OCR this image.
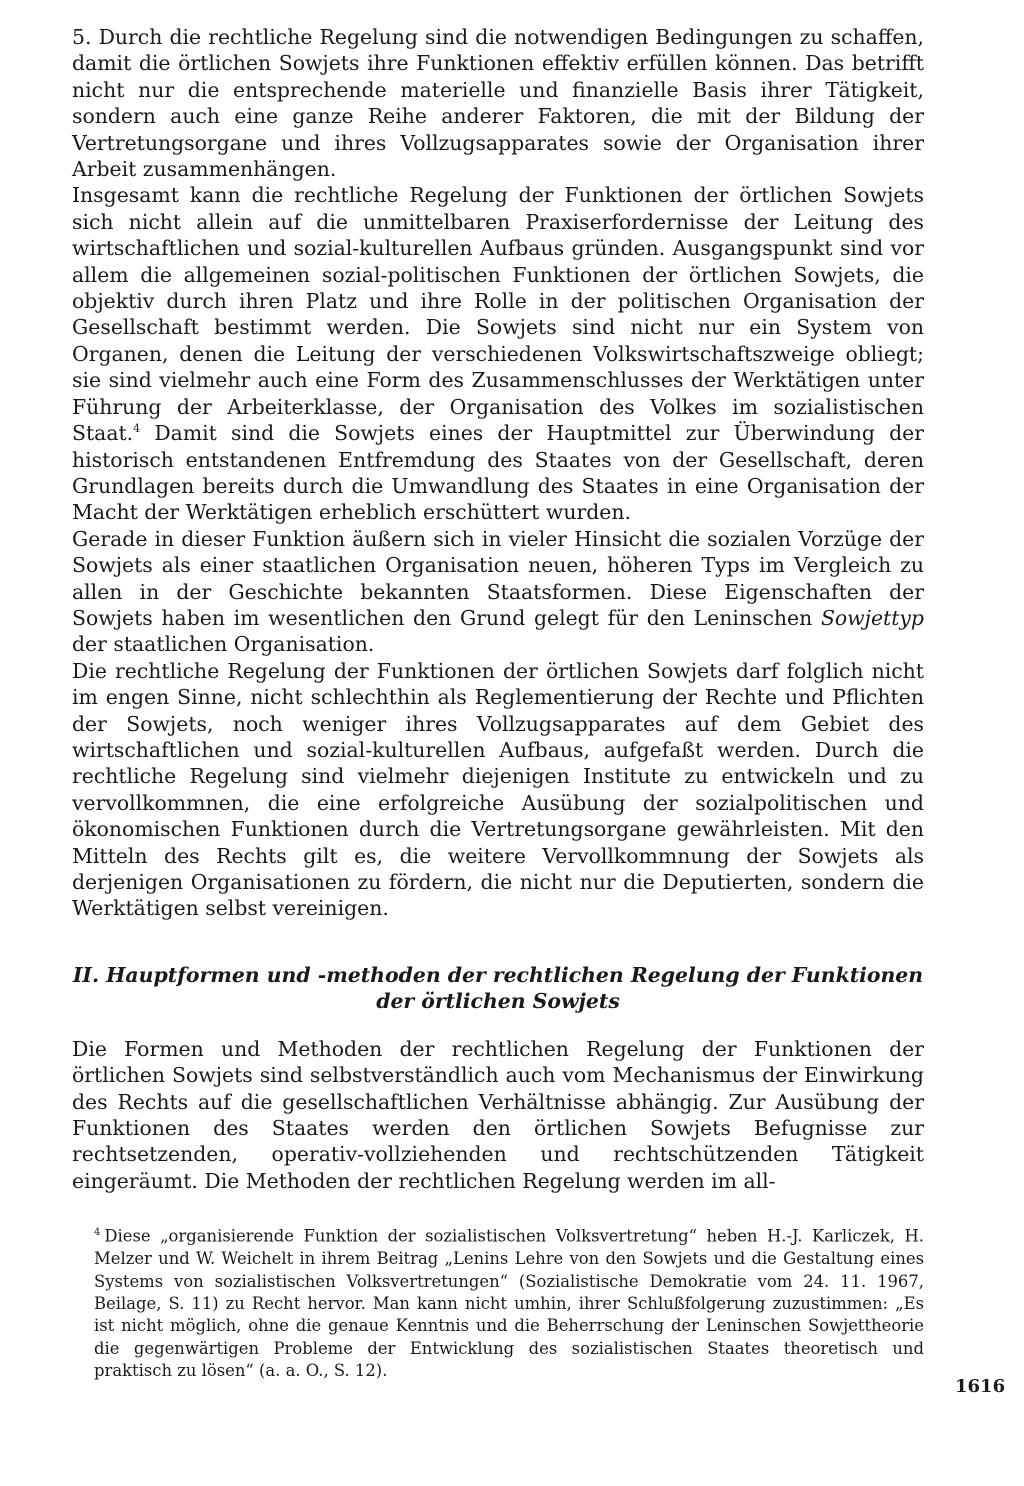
5. Durch die rechtliche Regelung sind die notwendigen Bedingungen zu schaffen, damit die örtlichen Sowjets ihre Funktionen effektiv erfüllen können. Das betrifft nicht nur die entsprechende materielle und finanzielle Basis ihrer Tätigkeit, sondern auch eine ganze Reihe anderer Faktoren, die mit der Bildung der Vertretungsorgane und ihres Vollzugsapparates sowie der Organisation ihrer Arbeit zusammenhängen.

Insgesamt kann die rechtliche Regelung der Funktionen der örtlichen Sowjets sich nicht allein auf die unmittelbaren Praxiserfordernisse der Leitung des wirtschaftlichen und sozial-kulturellen Aufbaus gründen. Ausgangspunkt sind vor allem die allgemeinen sozial-politischen Funktionen der örtlichen Sowjets, die objektiv durch ihren Platz und ihre Rolle in der politischen Organisation der Gesellschaft bestimmt werden. Die Sowjets sind nicht nur ein System von Organen, denen die Leitung der verschiedenen Volkswirtschaftszweige obliegt; sie sind vielmehr auch eine Form des Zusammenschlusses der Werktätigen unter Führung der Arbeiterklasse, der Organisation des Volkes im sozialistischen Staat.$^4$ Damit sind die Sowjets eines der Hauptmittel zur Überwindung der historisch entstandenen Entfremdung des Staates von der Gesellschaft, deren Grundlagen bereits durch die Umwandlung des Staates in eine Organisation der Macht der Werktätigen erheblich erschüttert wurden.

Gerade in dieser Funktion äußern sich in vieler Hinsicht die sozialen Vorzüge der Sowjets als einer staatlichen Organisation neuen, höheren Typs im Vergleich zu allen in der Geschichte bekannten Staatsformen. Diese Eigenschaften der Sowjets haben im wesentlichen den Grund gelegt für den Leninschen Sowjettyp der staatlichen Organisation.

Die rechtliche Regelung der Funktionen der örtlichen Sowjets darf folglich nicht im engen Sinne, nicht schlechthin als Reglementierung der Rechte und Pflichten der Sowjets, noch weniger ihres Vollzugsapparates auf dem Gebiet des wirtschaftlichen und sozial-kulturellen Aufbaus, aufgefaßt werden. Durch die rechtliche Regelung sind vielmehr diejenigen Institute zu entwickeln und zu vervollkommnen, die eine erfolgreiche Ausübung der sozialpolitischen und ökonomischen Funktionen durch die Vertretungsorgane gewährleisten. Mit den Mitteln des Rechts gilt es, die weitere Vervollkommnung der Sowjets als derjenigen Organisationen zu fördern, die nicht nur die Deputierten, sondern die Werktätigen selbst vereinigen.

II. Hauptformen und -methoden der rechtlichen Regelung der Funktionen
der örtlichen Sowjets

Die Formen und Methoden der rechtlichen Regelung der Funktionen der örtlichen Sowjets sind selbstverständlich auch vom Mechanismus der Einwirkung des Rechts auf die gesellschaftlichen Verhältnisse abhängig. Zur Ausübung der Funktionen des Staates werden den örtlichen Sowjets Befugnisse zur rechtsetzenden, operativ-vollziehenden und rechtschützenden Tätigkeit eingeräumt. Die Methoden der rechtlichen Regelung werden im all-

$^4$ Diese „organisierende Funktion der sozialistischen Volksvertretung“ heben H.-J. Karliczek, H. Melzer und W. Weichelt in ihrem Beitrag „Lenins Lehre von den Sowjets und die Gestaltung eines Systems von sozialistischen Volksvertretungen“ (Sozialistische Demokratie vom 24. 11. 1967, Beilage, S. 11) zu Recht hervor. Man kann nicht umhin, ihrer Schlußfolgerung zuzustimmen: „Es ist nicht möglich, ohne die genaue Kenntnis und die Beherrschung der Leninschen Sowjettheorie die gegenwärtigen Probleme der Entwicklung des sozialistischen Staates theoretisch und praktisch zu lösen“ (a. a. O., S. 12).

1616
